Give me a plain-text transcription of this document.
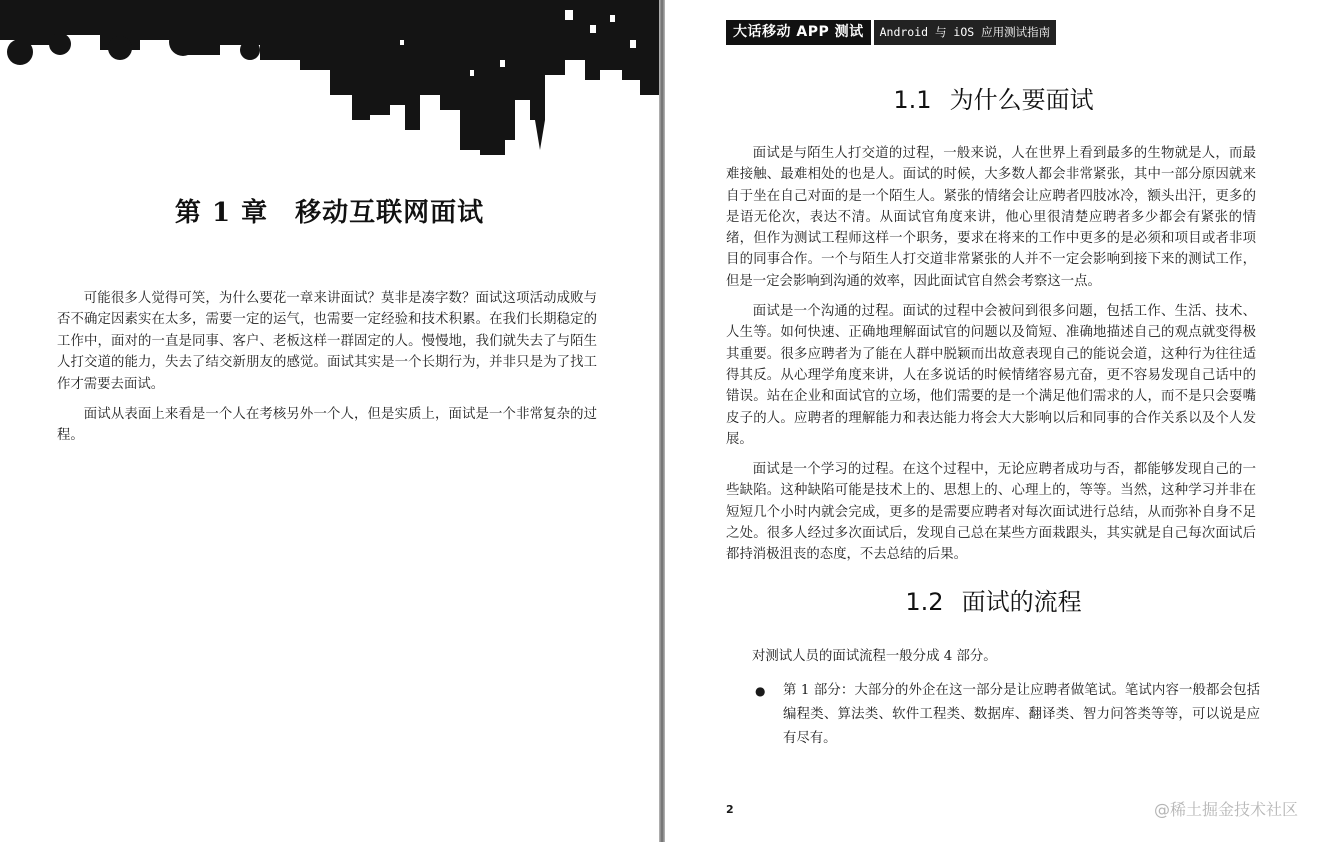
第 1 章　移动互联网面试

可能很多人觉得可笑，为什么要花一章来讲面试？莫非是凑字数？面试这项活动成败与否不确定因素实在太多，需要一定的运气，也需要一定经验和技术积累。在我们长期稳定的工作中，面对的一直是同事、客户、老板这样一群固定的人。慢慢地，我们就失去了与陌生人打交道的能力，失去了结交新朋友的感觉。面试其实是一个长期行为，并非只是为了找工作才需要去面试。

面试从表面上来看是一个人在考核另外一个人，但是实质上，面试是一个非常复杂的过程。

大话移动 APP 测试	Android 与 iOS 应用测试指南
1.1 为什么要面试

面试是与陌生人打交道的过程，一般来说，人在世界上看到最多的生物就是人，而最难接触、最难相处的也是人。面试的时候，大多数人都会非常紧张，其中一部分原因就来自于坐在自己对面的是一个陌生人。紧张的情绪会让应聘者四肢冰冷，额头出汗，更多的是语无伦次，表达不清。从面试官角度来讲，他心里很清楚应聘者多少都会有紧张的情绪，但作为测试工程师这样一个职务，要求在将来的工作中更多的是必须和项目或者非项目的同事合作。一个与陌生人打交道非常紧张的人并不一定会影响到接下来的测试工作，但是一定会影响到沟通的效率，因此面试官自然会考察这一点。

面试是一个沟通的过程。面试的过程中会被问到很多问题，包括工作、生活、技术、人生等。如何快速、正确地理解面试官的问题以及简短、准确地描述自己的观点就变得极其重要。很多应聘者为了能在人群中脱颖而出故意表现自己的能说会道，这种行为往往适得其反。从心理学角度来讲，人在多说话的时候情绪容易亢奋，更不容易发现自己话中的错误。站在企业和面试官的立场，他们需要的是一个满足他们需求的人，而不是只会耍嘴皮子的人。应聘者的理解能力和表达能力将会大大影响以后和同事的合作关系以及个人发展。

面试是一个学习的过程。在这个过程中，无论应聘者成功与否，都能够发现自己的一些缺陷。这种缺陷可能是技术上的、思想上的、心理上的，等等。当然，这种学习并非在短短几个小时内就会完成，更多的是需要应聘者对每次面试进行总结，从而弥补自身不足之处。很多人经过多次面试后，发现自己总在某些方面栽跟头，其实就是自己每次面试后都持消极沮丧的态度，不去总结的后果。

1.2 面试的流程
对测试人员的面试流程一般分成 4 部分。
●	第 1 部分：大部分的外企在这一部分是让应聘者做笔试。笔试内容一般都会包括编程类、算法类、软件工程类、数据库、翻译类、智力问答类等等，可以说是应有尽有。
2	@稀土掘金技术社区
